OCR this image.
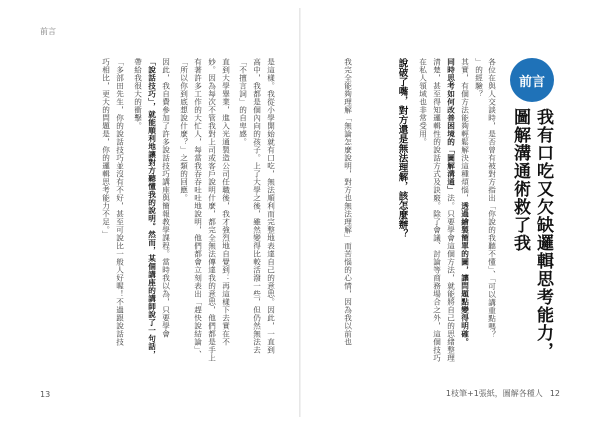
前言
前言
我有口吃又欠缺邏輯思考能力，
圖解溝通術救了我
各位在與人交談時，是否曾有被對方指出「你說的我聽不懂」、「可以講重點嗎？
」的經驗？
其實，有個方法能夠輕鬆解決這種煩惱，透過繪製簡單的圖，讓問題點變得明確。
同時思考如何改善困境的「圖解溝通」法。只要學會這個方法，就能將自己的思緒整理
清楚，甚至得知邏輯性的說話方式及訣竅。除了會議、討論等商務場合之外，這個技巧
在私人領域也非常受用。
說破了嘴，對方還是無法理解，該怎麼辦？
我完全能夠理解「無論怎麼說明，對方也無法理解」而苦惱的心情，因為我以前也
是這樣。我從小學開始就有口吃，無法順利而完整地表達自己的意思。因此，一直到
高中，我都是個內向的孩子。上了大學之後，雖然變得比較活潑一些，但仍然無法去
「不擅言詞」的自卑感。
直到大學畢業，進入光通製造公司任職後，我才強烈地自覺到：再這樣下去實在不
妙。因為每次不管我對上司或客戶說明什麼，都完全無法傳達我的意思，他們都是手上
有著許多工作的大忙人，每當我吞吞吐吐地說明，他們都會立刻表出「趕快說結論」、
「所以你到底想說什麼？」之類的回應。
因此，我自費參加了許多說話技巧講座與簡報教學課程。當時我以為，只要學會
「說話技巧」，就能順利地讓對方聽懂我的說明。然而，某個講座的講師說了一句話，
帶給我很大的衝擊。
「多部田先生，你的說話技巧並沒有不好，甚至可說比一般人好喔！不過跟說話技
巧相比，更大的問題是，你的邏輯思考能力不足。」
13	1枝筆+1張紙，圖解各種人 12
